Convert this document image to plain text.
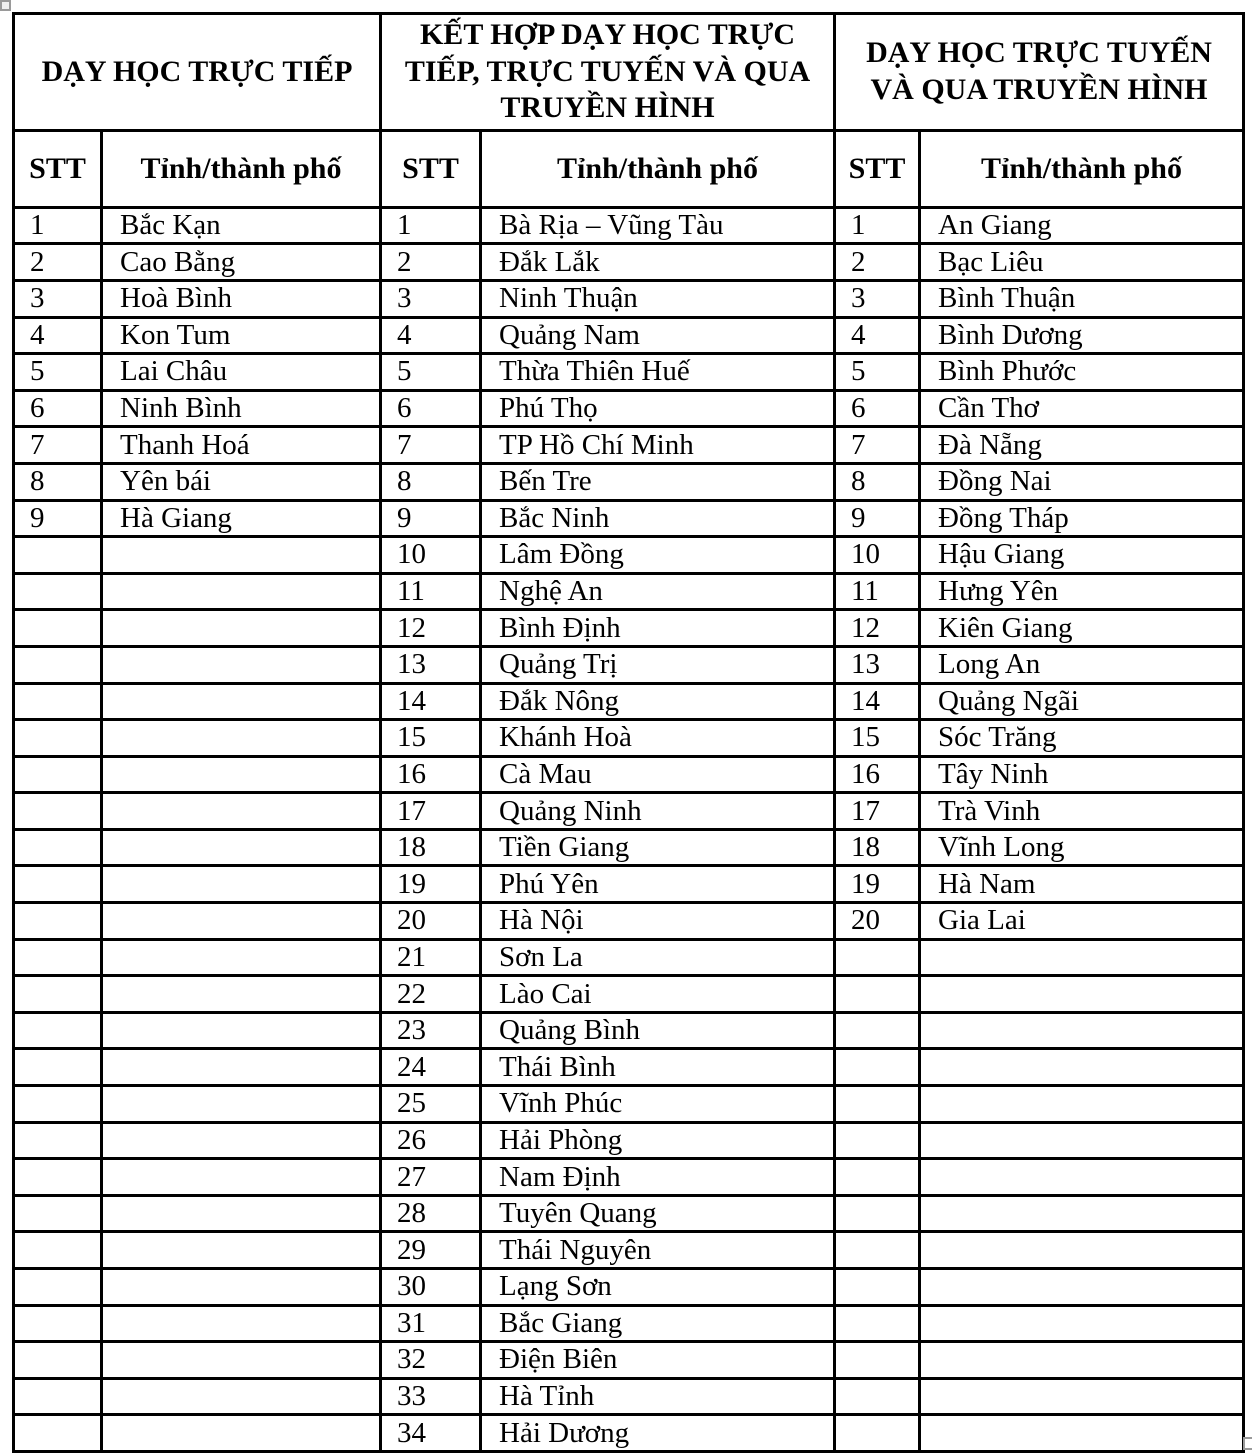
DẠY HỌC TRỰC TIẾP		KẾT HỢP DẠY HỌC TRỰC TIẾP, TRỰC TUYẾN VÀ QUA TRUYỀN HÌNH		DẠY HỌC TRỰC TUYẾN VÀ QUA TRUYỀN HÌNH	
STT	Tỉnh/thành phố	STT	Tỉnh/thành phố	STT	Tỉnh/thành phố
1	Bắc Kạn	1	Bà Rịa – Vũng Tàu	1	An Giang
2	Cao Bằng	2	Đắk Lắk	2	Bạc Liêu
3	Hoà Bình	3	Ninh Thuận	3	Bình Thuận
4	Kon Tum	4	Quảng Nam	4	Bình Dương
5	Lai Châu	5	Thừa Thiên Huế	5	Bình Phước
6	Ninh Bình	6	Phú Thọ	6	Cần Thơ
7	Thanh Hoá	7	TP Hồ Chí Minh	7	Đà Nẵng
8	Yên bái	8	Bến Tre	8	Đồng Nai
9	Hà Giang	9	Bắc Ninh	9	Đồng Tháp
		10	Lâm Đồng	10	Hậu Giang
		11	Nghệ An	11	Hưng Yên
		12	Bình Định	12	Kiên Giang
		13	Quảng Trị	13	Long An
		14	Đắk Nông	14	Quảng Ngãi
		15	Khánh Hoà	15	Sóc Trăng
		16	Cà Mau	16	Tây Ninh
		17	Quảng Ninh	17	Trà Vinh
		18	Tiền Giang	18	Vĩnh Long
		19	Phú Yên	19	Hà Nam
		20	Hà Nội	20	Gia Lai
		21	Sơn La		
		22	Lào Cai		
		23	Quảng Bình		
		24	Thái Bình		
		25	Vĩnh Phúc		
		26	Hải Phòng		
		27	Nam Định		
		28	Tuyên Quang		
		29	Thái Nguyên		
		30	Lạng Sơn		
		31	Bắc Giang		
		32	Điện Biên		
		33	Hà Tỉnh		
		34	Hải Dương		
